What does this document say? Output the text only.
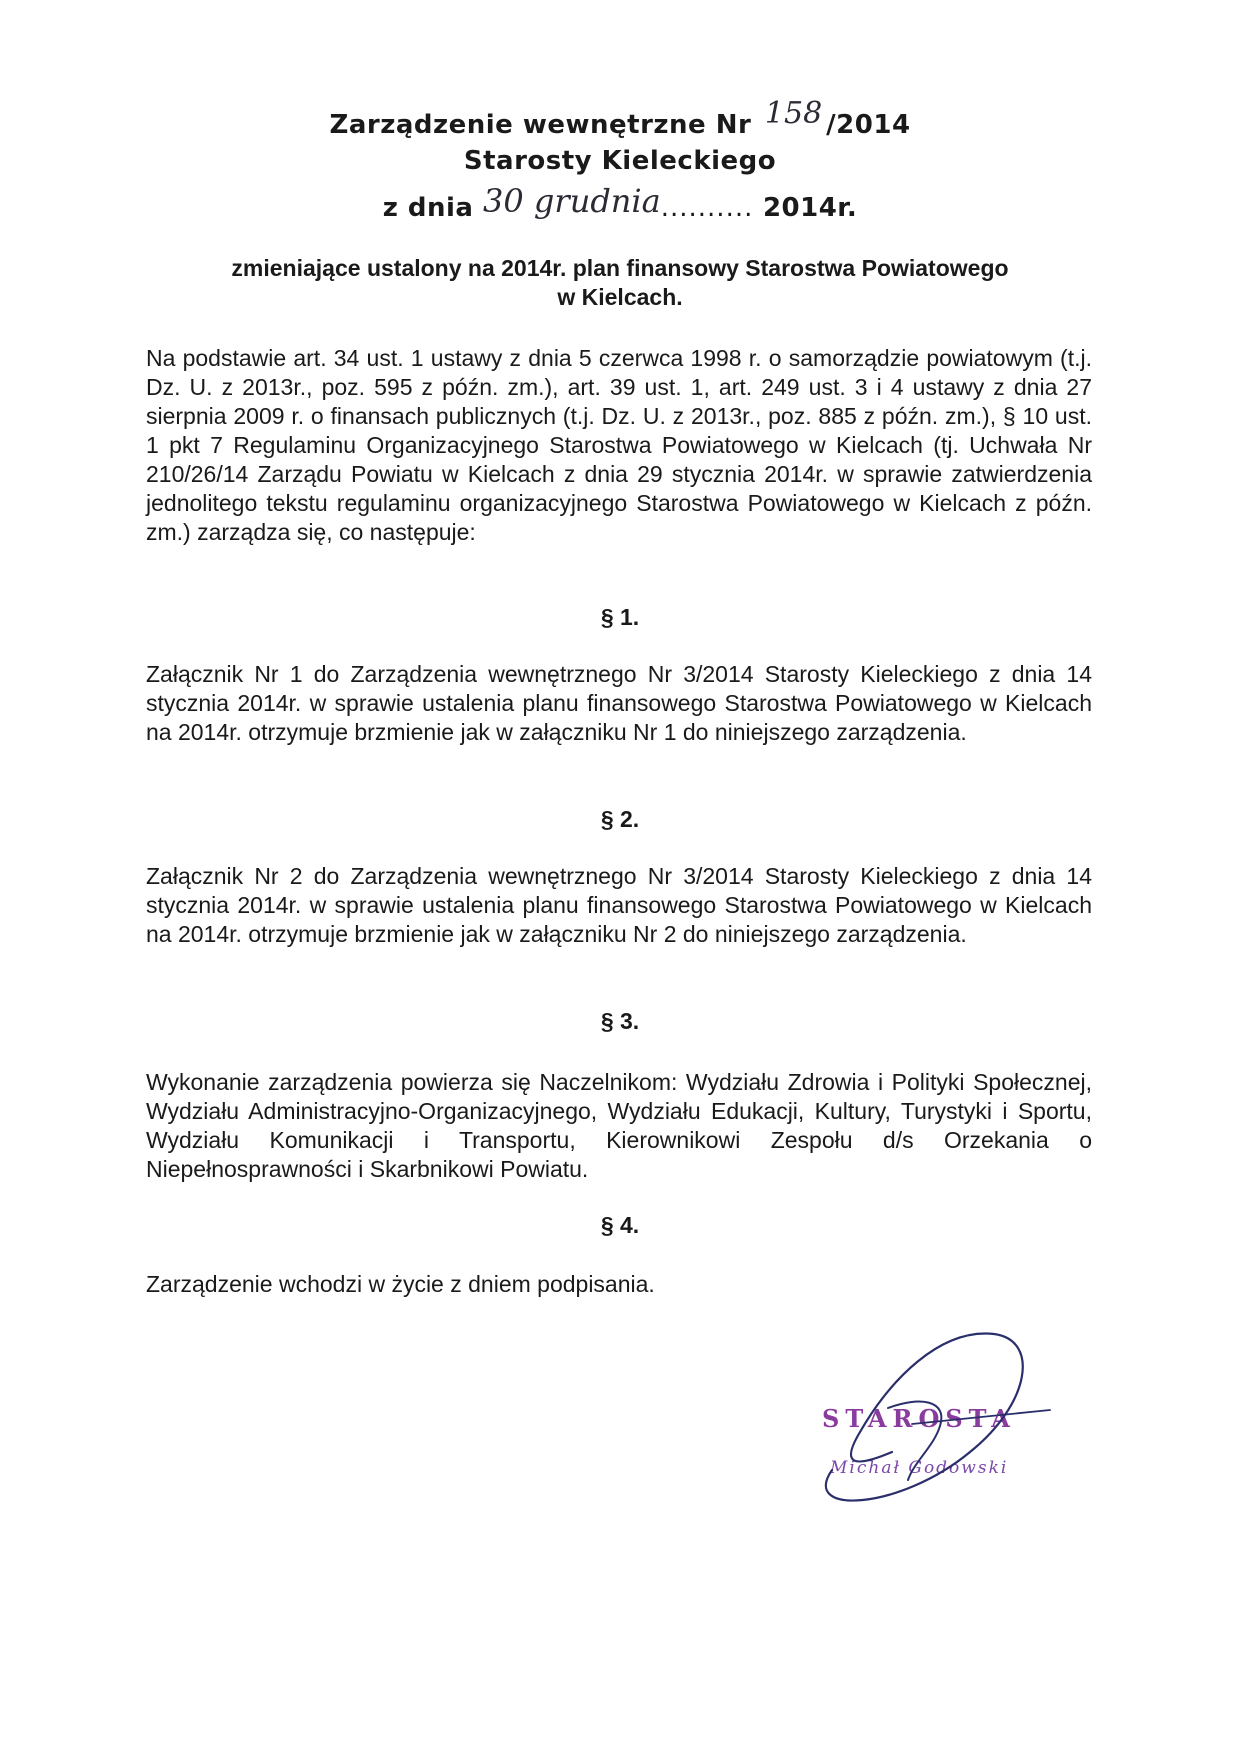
Zarządzenie wewnętrzne Nr 158 /2014
Starosty Kieleckiego
z dnia 30 grudnia.......... 2014r.
zmieniające ustalony na 2014r. plan finansowy Starostwa Powiatowego
w Kielcach.

Na podstawie art. 34 ust. 1 ustawy z dnia 5 czerwca 1998 r. o samorządzie powiatowym (t.j. Dz. U. z 2013r., poz. 595 z późn. zm.), art. 39 ust. 1, art. 249 ust. 3 i 4 ustawy z dnia 27 sierpnia 2009 r. o finansach publicznych (t.j. Dz. U. z 2013r., poz. 885 z późn. zm.), § 10 ust. 1 pkt 7 Regulaminu Organizacyjnego Starostwa Powiatowego w Kielcach (tj. Uchwała Nr 210/26/14 Zarządu Powiatu w Kielcach z dnia 29 stycznia 2014r. w sprawie zatwierdzenia jednolitego tekstu regulaminu organizacyjnego Starostwa Powiatowego w Kielcach z późn. zm.) zarządza się, co następuje:

§ 1.

Załącznik Nr 1 do Zarządzenia wewnętrznego Nr 3/2014 Starosty Kieleckiego z dnia 14 stycznia 2014r. w sprawie ustalenia planu finansowego Starostwa Powiatowego w Kielcach na 2014r. otrzymuje brzmienie jak w załączniku Nr 1 do niniejszego zarządzenia.

§ 2.

Załącznik Nr 2 do Zarządzenia wewnętrznego Nr 3/2014 Starosty Kieleckiego z dnia 14 stycznia 2014r. w sprawie ustalenia planu finansowego Starostwa Powiatowego w Kielcach na 2014r. otrzymuje brzmienie jak w załączniku Nr 2 do niniejszego zarządzenia.

§ 3.

Wykonanie zarządzenia powierza się Naczelnikom: Wydziału Zdrowia i Polityki Społecznej, Wydziału Administracyjno-Organizacyjnego, Wydziału Edukacji, Kultury, Turystyki i Sportu, Wydziału Komunikacji i Transportu, Kierownikowi Zespołu d/s Orzekania o Niepełnosprawności i Skarbnikowi Powiatu.

§ 4.

Zarządzenie wchodzi w życie z dniem podpisania.

STAROSTA
Michał Godowski
